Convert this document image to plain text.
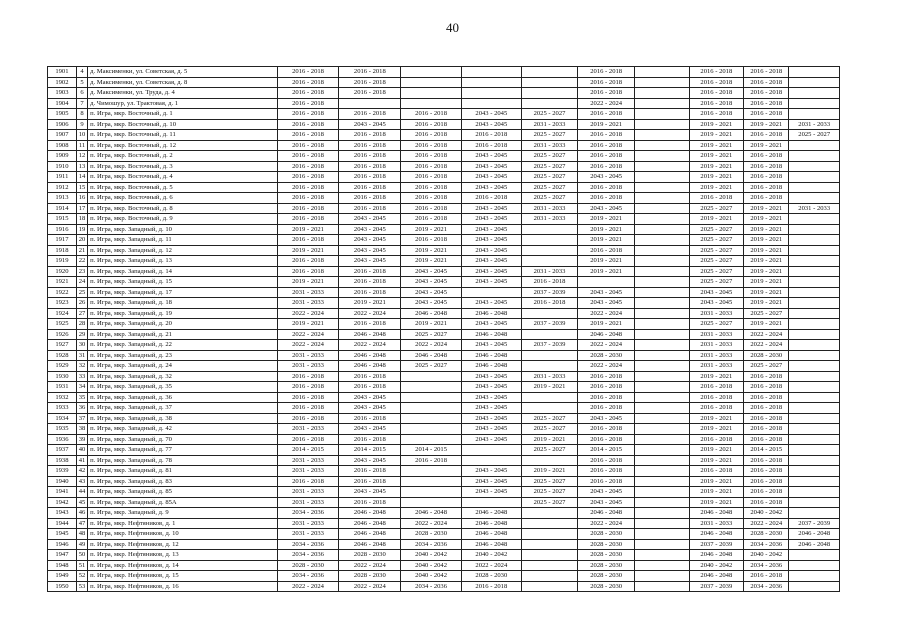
40
1901	4	д. Максименки, ул. Советская, д. 5	2016 - 2018	2016 - 2018				2016 - 2018		2016 - 2018	2016 - 2018	
1902	5	д. Максименки, ул. Советская, д. 8	2016 - 2018	2016 - 2018				2016 - 2018		2016 - 2018	2016 - 2018	
1903	6	д. Максименки, ул. Труда, д. 4	2016 - 2018	2016 - 2018				2016 - 2018		2016 - 2018	2016 - 2018	
1904	7	д. Чимошур, ул. Трактовая, д. 1	2016 - 2018					2022 - 2024		2016 - 2018	2016 - 2018	
1905	8	п. Игра, мкр. Восточный, д. 1	2016 - 2018	2016 - 2018	2016 - 2018	2043 - 2045	2025 - 2027	2016 - 2018		2016 - 2018	2016 - 2018	
1906	9	п. Игра, мкр. Восточный, д. 10	2016 - 2018	2043 - 2045	2016 - 2018	2043 - 2045	2031 - 2033	2019 - 2021		2019 - 2021	2019 - 2021	2031 - 2033
1907	10	п. Игра, мкр. Восточный, д. 11	2016 - 2018	2016 - 2018	2016 - 2018	2016 - 2018	2025 - 2027	2016 - 2018		2019 - 2021	2016 - 2018	2025 - 2027
1908	11	п. Игра, мкр. Восточный, д. 12	2016 - 2018	2016 - 2018	2016 - 2018	2016 - 2018	2031 - 2033	2016 - 2018		2019 - 2021	2019 - 2021	
1909	12	п. Игра, мкр. Восточный, д. 2	2016 - 2018	2016 - 2018	2016 - 2018	2043 - 2045	2025 - 2027	2016 - 2018		2019 - 2021	2016 - 2018	
1910	13	п. Игра, мкр. Восточный, д. 3	2016 - 2018	2016 - 2018	2016 - 2018	2043 - 2045	2025 - 2027	2016 - 2018		2019 - 2021	2016 - 2018	
1911	14	п. Игра, мкр. Восточный, д. 4	2016 - 2018	2016 - 2018	2016 - 2018	2043 - 2045	2025 - 2027	2043 - 2045		2019 - 2021	2016 - 2018	
1912	15	п. Игра, мкр. Восточный, д. 5	2016 - 2018	2016 - 2018	2016 - 2018	2043 - 2045	2025 - 2027	2016 - 2018		2019 - 2021	2016 - 2018	
1913	16	п. Игра, мкр. Восточный, д. 6	2016 - 2018	2016 - 2018	2016 - 2018	2016 - 2018	2025 - 2027	2016 - 2018		2016 - 2018	2016 - 2018	
1914	17	п. Игра, мкр. Восточный, д. 8	2016 - 2018	2016 - 2018	2016 - 2018	2043 - 2045	2031 - 2033	2043 - 2045		2025 - 2027	2019 - 2021	2031 - 2033
1915	18	п. Игра, мкр. Восточный, д. 9	2016 - 2018	2043 - 2045	2016 - 2018	2043 - 2045	2031 - 2033	2019 - 2021		2019 - 2021	2019 - 2021	
1916	19	п. Игра, мкр. Западный, д. 10	2019 - 2021	2043 - 2045	2019 - 2021	2043 - 2045		2019 - 2021		2025 - 2027	2019 - 2021	
1917	20	п. Игра, мкр. Западный, д. 11	2016 - 2018	2043 - 2045	2016 - 2018	2043 - 2045		2019 - 2021		2025 - 2027	2019 - 2021	
1918	21	п. Игра, мкр. Западный, д. 12	2019 - 2021	2043 - 2045	2019 - 2021	2043 - 2045		2016 - 2018		2025 - 2027	2019 - 2021	
1919	22	п. Игра, мкр. Западный, д. 13	2016 - 2018	2043 - 2045	2019 - 2021	2043 - 2045		2019 - 2021		2025 - 2027	2019 - 2021	
1920	23	п. Игра, мкр. Западный, д. 14	2016 - 2018	2016 - 2018	2043 - 2045	2043 - 2045	2031 - 2033	2019 - 2021		2025 - 2027	2019 - 2021	
1921	24	п. Игра, мкр. Западный, д. 15	2019 - 2021	2016 - 2018	2043 - 2045	2043 - 2045	2016 - 2018			2025 - 2027	2019 - 2021	
1922	25	п. Игра, мкр. Западный, д. 17	2031 - 2033	2016 - 2018	2043 - 2045		2037 - 2039	2043 - 2045		2043 - 2045	2019 - 2021	
1923	26	п. Игра, мкр. Западный, д. 18	2031 - 2033	2019 - 2021	2043 - 2045	2043 - 2045	2016 - 2018	2043 - 2045		2043 - 2045	2019 - 2021	
1924	27	п. Игра, мкр. Западный, д. 19	2022 - 2024	2022 - 2024	2046 - 2048	2046 - 2048		2022 - 2024		2031 - 2033	2025 - 2027	
1925	28	п. Игра, мкр. Западный, д. 20	2019 - 2021	2016 - 2018	2019 - 2021	2043 - 2045	2037 - 2039	2019 - 2021		2025 - 2027	2019 - 2021	
1926	29	п. Игра, мкр. Западный, д. 21	2022 - 2024	2046 - 2048	2025 - 2027	2046 - 2048		2046 - 2048		2031 - 2033	2022 - 2024	
1927	30	п. Игра, мкр. Западный, д. 22	2022 - 2024	2022 - 2024	2022 - 2024	2043 - 2045	2037 - 2039	2022 - 2024		2031 - 2033	2022 - 2024	
1928	31	п. Игра, мкр. Западный, д. 23	2031 - 2033	2046 - 2048	2046 - 2048	2046 - 2048		2028 - 2030		2031 - 2033	2028 - 2030	
1929	32	п. Игра, мкр. Западный, д. 24	2031 - 2033	2046 - 2048	2025 - 2027	2046 - 2048		2022 - 2024		2031 - 2033	2025 - 2027	
1930	33	п. Игра, мкр. Западный, д. 32	2016 - 2018	2016 - 2018		2043 - 2045	2031 - 2033	2016 - 2018		2019 - 2021	2016 - 2018	
1931	34	п. Игра, мкр. Западный, д. 35	2016 - 2018	2016 - 2018		2043 - 2045	2019 - 2021	2016 - 2018		2016 - 2018	2016 - 2018	
1932	35	п. Игра, мкр. Западный, д. 36	2016 - 2018	2043 - 2045		2043 - 2045		2016 - 2018		2016 - 2018	2016 - 2018	
1933	36	п. Игра, мкр. Западный, д. 37	2016 - 2018	2043 - 2045		2043 - 2045		2016 - 2018		2016 - 2018	2016 - 2018	
1934	37	п. Игра, мкр. Западный, д. 38	2016 - 2018	2016 - 2018		2043 - 2045	2025 - 2027	2043 - 2045		2019 - 2021	2016 - 2018	
1935	38	п. Игра, мкр. Западный, д. 42	2031 - 2033	2043 - 2045		2043 - 2045	2025 - 2027	2016 - 2018		2019 - 2021	2016 - 2018	
1936	39	п. Игра, мкр. Западный, д. 70	2016 - 2018	2016 - 2018		2043 - 2045	2019 - 2021	2016 - 2018		2016 - 2018	2016 - 2018	
1937	40	п. Игра, мкр. Западный, д. 77	2014 - 2015	2014 - 2015	2014 - 2015		2025 - 2027	2014 - 2015		2019 - 2021	2014 - 2015	
1938	41	п. Игра, мкр. Западный, д. 78	2031 - 2033	2043 - 2045	2016 - 2018			2016 - 2018		2019 - 2021	2016 - 2018	
1939	42	п. Игра, мкр. Западный, д. 81	2031 - 2033	2016 - 2018		2043 - 2045	2019 - 2021	2016 - 2018		2016 - 2018	2016 - 2018	
1940	43	п. Игра, мкр. Западный, д. 83	2016 - 2018	2016 - 2018		2043 - 2045	2025 - 2027	2016 - 2018		2019 - 2021	2016 - 2018	
1941	44	п. Игра, мкр. Западный, д. 85	2031 - 2033	2043 - 2045		2043 - 2045	2025 - 2027	2043 - 2045		2019 - 2021	2016 - 2018	
1942	45	п. Игра, мкр. Западный, д. 85А	2031 - 2033	2016 - 2018			2025 - 2027	2043 - 2045		2019 - 2021	2016 - 2018	
1943	46	п. Игра, мкр. Западный, д. 9	2034 - 2036	2046 - 2048	2046 - 2048	2046 - 2048		2046 - 2048		2046 - 2048	2040 - 2042	
1944	47	п. Игра, мкр. Нефтяников, д. 1	2031 - 2033	2046 - 2048	2022 - 2024	2046 - 2048		2022 - 2024		2031 - 2033	2022 - 2024	2037 - 2039
1945	48	п. Игра, мкр. Нефтяников, д. 10	2031 - 2033	2046 - 2048	2028 - 2030	2046 - 2048		2028 - 2030		2046 - 2048	2028 - 2030	2046 - 2048
1946	49	п. Игра, мкр. Нефтяников, д. 12	2034 - 2036	2046 - 2048	2034 - 2036	2046 - 2048		2028 - 2030		2037 - 2039	2034 - 2036	2046 - 2048
1947	50	п. Игра, мкр. Нефтяников, д. 13	2034 - 2036	2028 - 2030	2040 - 2042	2040 - 2042		2028 - 2030		2046 - 2048	2040 - 2042	
1948	51	п. Игра, мкр. Нефтяников, д. 14	2028 - 2030	2022 - 2024	2040 - 2042	2022 - 2024		2028 - 2030		2040 - 2042	2034 - 2036	
1949	52	п. Игра, мкр. Нефтяников, д. 15	2034 - 2036	2028 - 2030	2040 - 2042	2028 - 2030		2028 - 2030		2046 - 2048	2016 - 2018	
1950	53	п. Игра, мкр. Нефтяников, д. 16	2022 - 2024	2022 - 2024	2034 - 2036	2016 - 2018		2028 - 2030		2037 - 2039	2034 - 2036	
